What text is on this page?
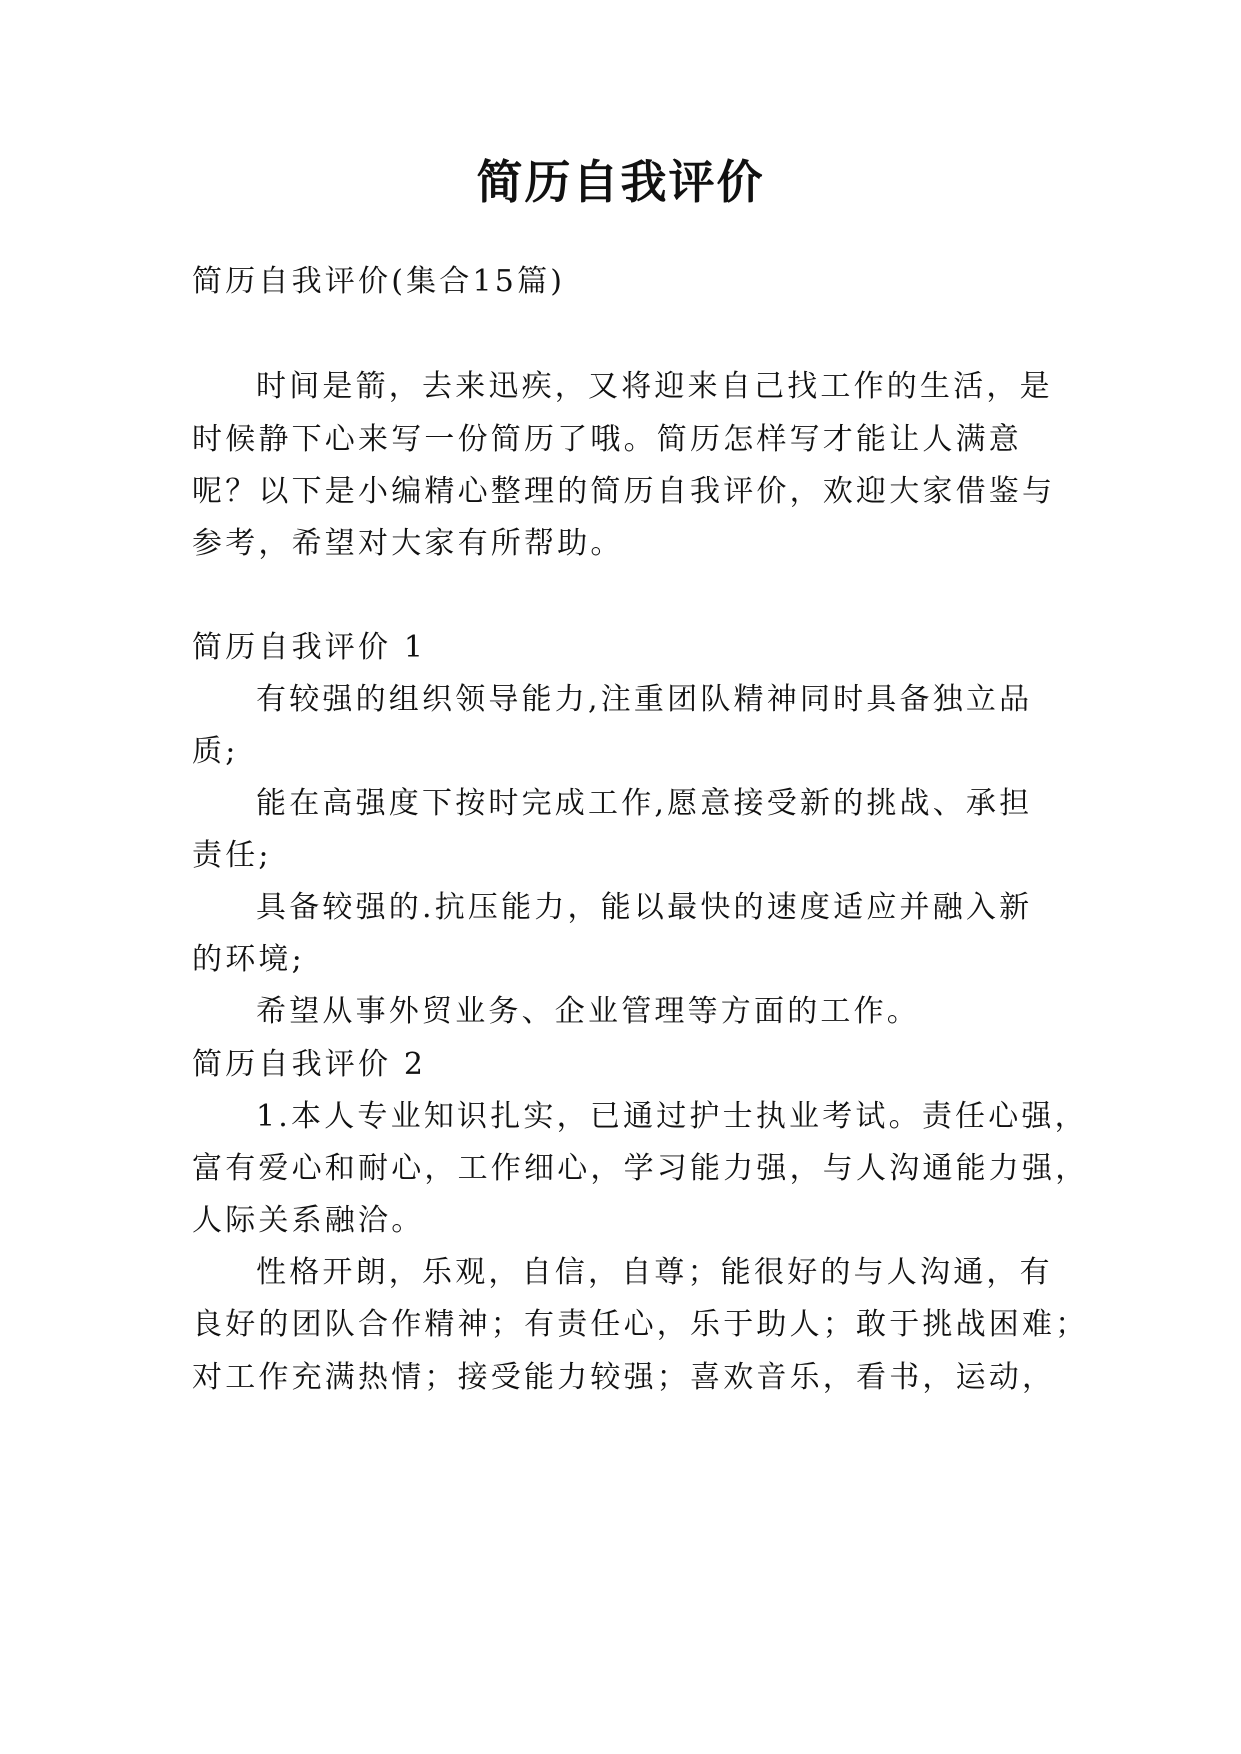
简历自我评价
简历自我评价(集合15篇)
时间是箭，去来迅疾，又将迎来自己找工作的生活，是
时候静下心来写一份简历了哦。简历怎样写才能让人满意
呢？以下是小编精心整理的简历自我评价，欢迎大家借鉴与
参考，希望对大家有所帮助。
简历自我评价 1
有较强的组织领导能力,注重团队精神同时具备独立品
质;
能在高强度下按时完成工作,愿意接受新的挑战、承担
责任;
具备较强的.抗压能力，能以最快的速度适应并融入新
的环境;
希望从事外贸业务、企业管理等方面的工作。
简历自我评价 2
1.本人专业知识扎实，已通过护士执业考试。责任心强，
富有爱心和耐心，工作细心，学习能力强，与人沟通能力强，
人际关系融洽。
性格开朗，乐观，自信，自尊；能很好的与人沟通，有
良好的团队合作精神；有责任心，乐于助人；敢于挑战困难；
对工作充满热情；接受能力较强；喜欢音乐，看书，运动，
